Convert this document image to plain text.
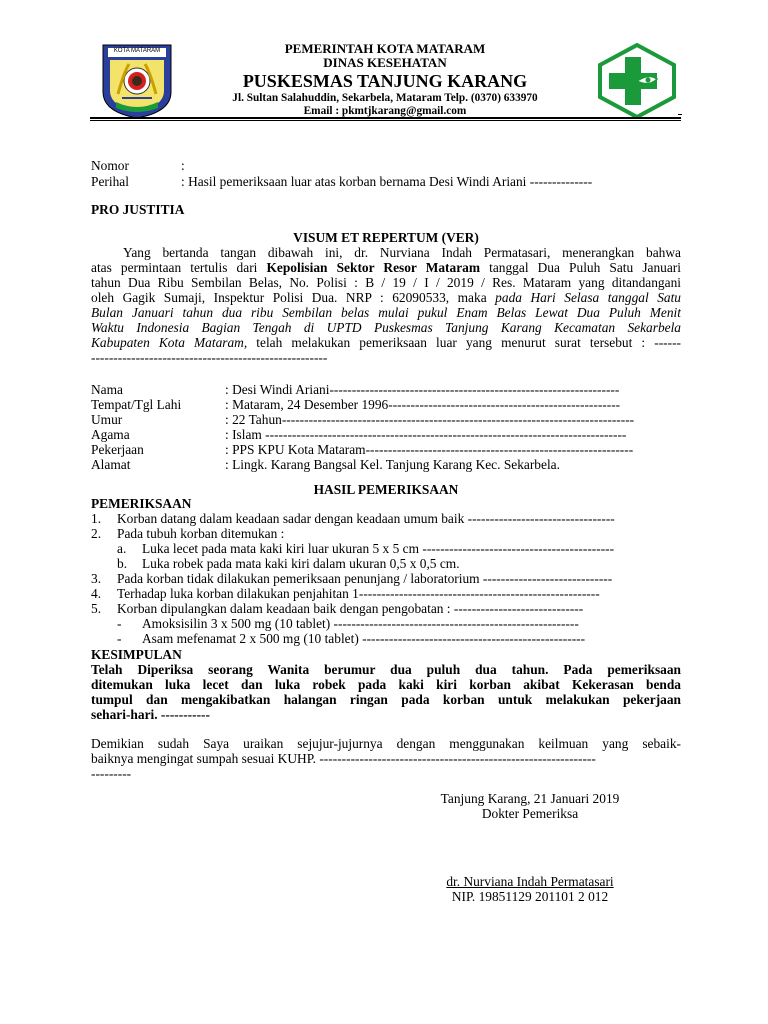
KOTA MATARAM	PEMERINTAH KOTA MATARAM
DINAS KESEHATAN
PUSKESMAS TANJUNG KARANG
Jl. Sultan Salahuddin, Sekarbela, Mataram Telp. (0370) 633970
Email : pkmtjkarang@gmail.com
Nomor	:
Perihal	: Hasil pemeriksaan luar atas korban bernama Desi Windi Ariani --------------
PRO JUSTITIA
VISUM ET REPERTUM (VER)
Yang bertanda tangan dibawah ini, dr. Nurviana Indah Permatasari, menerangkan bahwa
atas permintaan tertulis dari Kepolisian Sektor Resor Mataram tanggal Dua Puluh Satu Januari
tahun Dua Ribu Sembilan Belas, No. Polisi : B / 19 / I / 2019 / Res. Mataram yang ditandangani
oleh Gagik Sumaji, Inspektur Polisi Dua. NRP : 62090533, maka pada Hari Selasa tanggal Satu
Bulan Januari tahun dua ribu Sembilan belas mulai pukul Enam Belas Lewat Dua Puluh Menit
Waktu Indonesia Bagian Tengah di UPTD Puskesmas Tanjung Karang Kecamatan Sekarbela
Kabupaten Kota Mataram, telah melakukan pemeriksaan luar yang menurut surat tersebut : ------
-----------------------------------------------------
Nama	: Desi Windi Ariani-----------------------------------------------------------------
Tempat/Tgl Lahi	: Mataram, 24 Desember 1996----------------------------------------------------
Umur	: 22 Tahun-------------------------------------------------------------------------------
Agama	: Islam ---------------------------------------------------------------------------------
Pekerjaan	: PPS KPU Kota Mataram------------------------------------------------------------
Alamat	: Lingk. Karang Bangsal Kel. Tanjung Karang Kec. Sekarbela.
HASIL PEMERIKSAAN
PEMERIKSAAN
1. Korban datang dalam keadaan sadar dengan keadaan umum baik ---------------------------------
2. Pada tubuh korban ditemukan :
a. Luka lecet pada mata kaki kiri luar ukuran 5 x 5 cm -------------------------------------------
b. Luka robek pada mata kaki kiri dalam ukuran 0,5 x 0,5 cm.
3. Pada korban tidak dilakukan pemeriksaan penunjang / laboratorium -----------------------------
4. Terhadap luka korban dilakukan penjahitan 1------------------------------------------------------
5. Korban dipulangkan dalam keadaan baik dengan pengobatan : -----------------------------
- Amoksisilin 3 x 500 mg (10 tablet) -------------------------------------------------------
- Asam mefenamat 2 x 500 mg (10 tablet) --------------------------------------------------
KESIMPULAN
Telah Diperiksa seorang Wanita berumur dua puluh dua tahun. Pada pemeriksaan
ditemukan luka lecet dan luka robek pada kaki kiri korban akibat Kekerasan benda
tumpul dan mengakibatkan halangan ringan pada korban untuk melakukan pekerjaan
sehari-hari. -----------
Demikian sudah Saya uraikan sejujur-jujurnya dengan menggunakan keilmuan yang sebaik-
baiknya mengingat sumpah sesuai KUHP. --------------------------------------------------------------
---------
Tanjung Karang, 21 Januari 2019
Dokter Pemeriksa
dr. Nurviana Indah Permatasari
NIP. 19851129 201101 2 012
